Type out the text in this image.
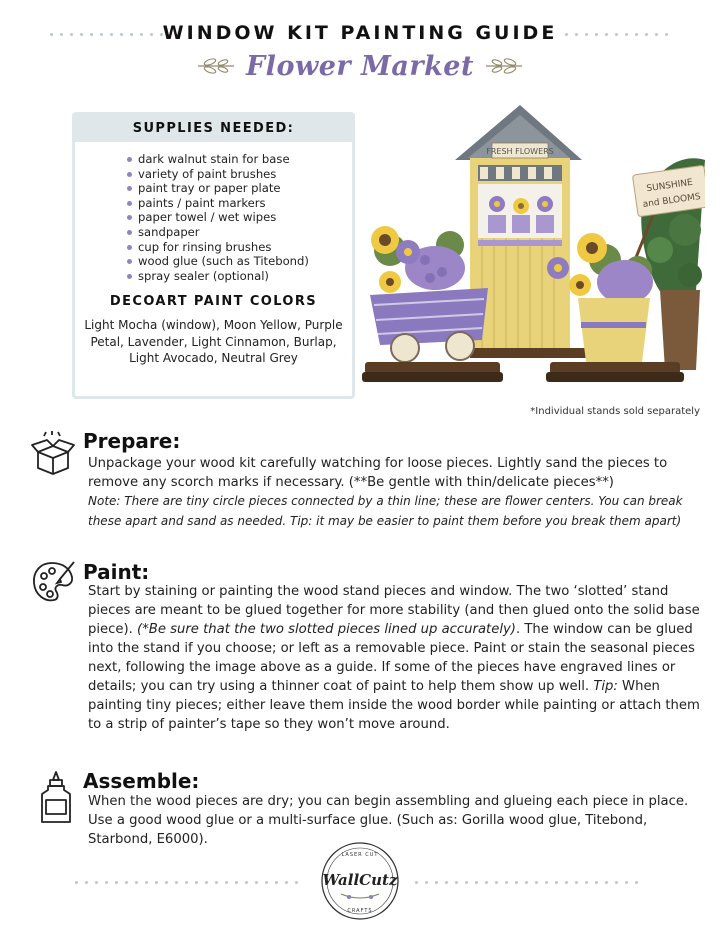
WINDOW KIT PAINTING GUIDE
Flower Market
SUPPLIES NEEDED:
dark walnut stain for base
variety of paint brushes
paint tray or paper plate
paints / paint markers
paper towel / wet wipes
sandpaper
cup for rinsing brushes
wood glue (such as Titebond)
spray sealer (optional)
DECOART PAINT COLORS
Light Mocha (window), Moon Yellow, Purple Petal, Lavender, Light Cinnamon, Burlap, Light Avocado, Neutral Grey
FRESH FLOWERS
SUNSHINE
and BLOOMS
*Individual stands sold separately
Prepare:
Unpackage your wood kit carefully watching for loose pieces. Lightly sand the pieces to remove any scorch marks if necessary. (**Be gentle with thin/delicate pieces**)
Note: There are tiny circle pieces connected by a thin line; these are flower centers. You can break these apart and sand as needed. Tip: it may be easier to paint them before you break them apart)
Paint:
Start by staining or painting the wood stand pieces and window. The two ‘slotted’ stand pieces are meant to be glued together for more stability (and then glued onto the solid base piece). (*Be sure that the two slotted pieces lined up accurately). The window can be glued into the stand if you choose; or left as a removable piece. Paint or stain the seasonal pieces next, following the image above as a guide. If some of the pieces have engraved lines or details; you can try using a thinner coat of paint to help them show up well. Tip: When painting tiny pieces; either leave them inside the wood border while painting or attach them to a strip of painter’s tape so they won’t move around.
Assemble:
When the wood pieces are dry; you can begin assembling and glueing each piece in place. Use a good wood glue or a multi-surface glue. (Such as: Gorilla wood glue, Titebond, Starbond, E6000).
LASER CUT
WallCutz
CRAFTS
